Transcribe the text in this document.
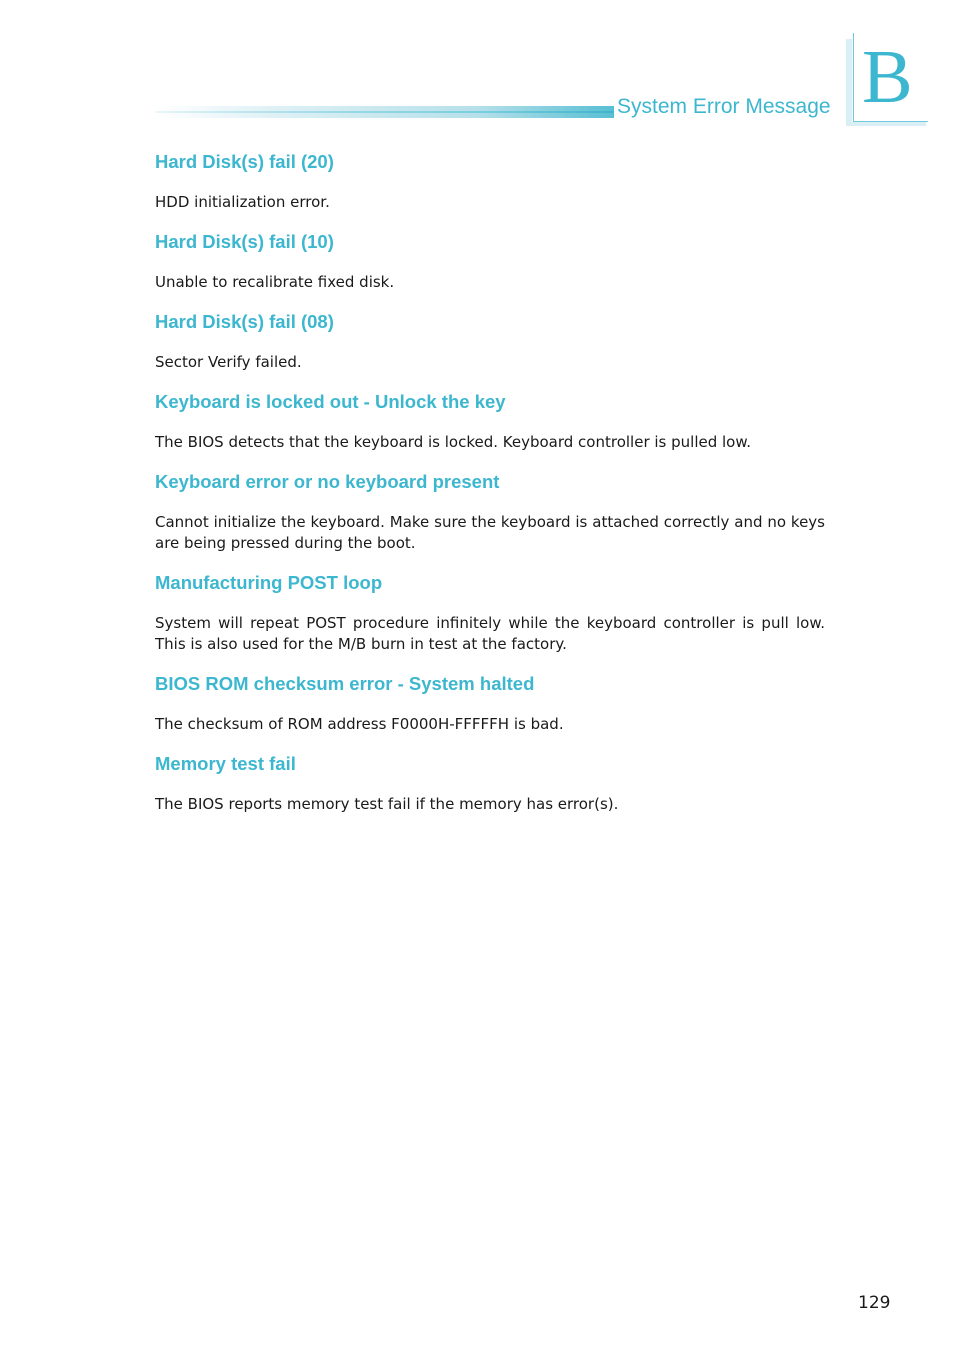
System Error Message B
Hard Disk(s) fail (20)

HDD initialization error.

Hard Disk(s) fail (10)

Unable to recalibrate fixed disk.

Hard Disk(s) fail (08)

Sector Verify failed.

Keyboard is locked out - Unlock the key

The BIOS detects that the keyboard is locked. Keyboard controller is pulled low.

Keyboard error or no keyboard present

Cannot initialize the keyboard. Make sure the keyboard is attached correctly and no keys are being pressed during the boot.

Manufacturing POST loop

System will repeat POST procedure infinitely while the keyboard controller is pull low. This is also used for the M/B burn in test at the factory.

BIOS ROM checksum error - System halted

The checksum of ROM address F0000H-FFFFFH is bad.

Memory test fail

The BIOS reports memory test fail if the memory has error(s).

129
